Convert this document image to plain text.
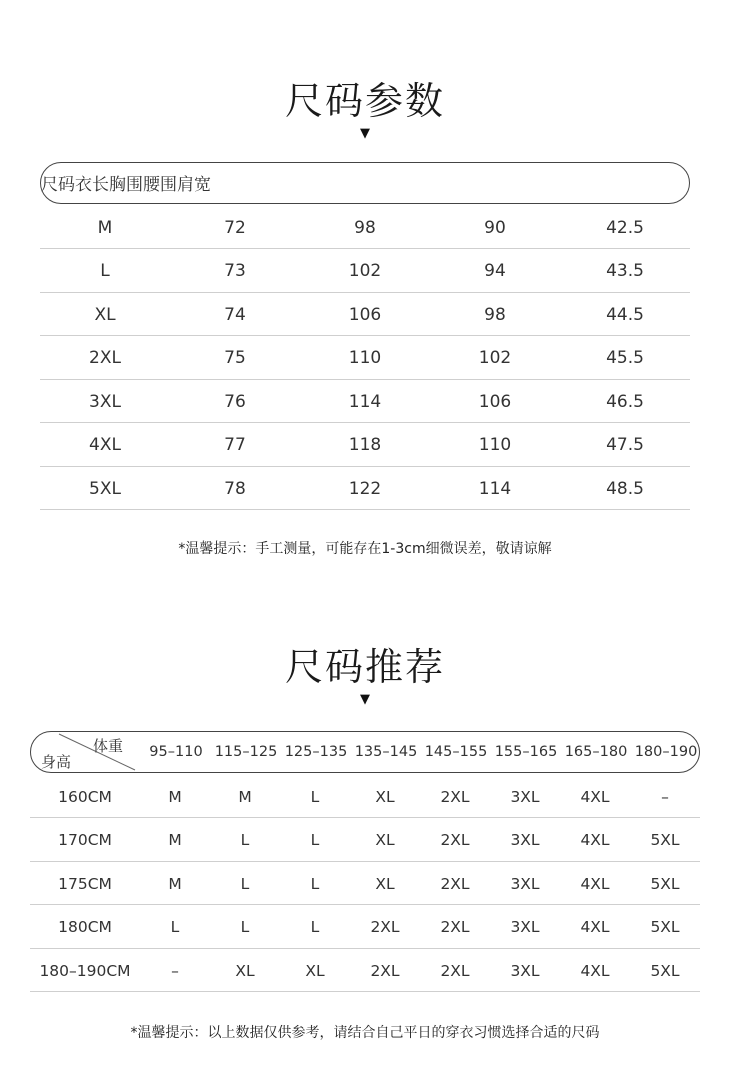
尺码参数
▼
尺码 衣长 胸围 腰围 肩宽
M	72	98	90	42.5
L	73	102	94	43.5
XL	74	106	98	44.5
2XL	75	110	102	45.5
3XL	76	114	106	46.5
4XL	77	118	110	47.5
5XL	78	122	114	48.5
*温馨提示：手工测量，可能存在1-3cm细微误差，敬请谅解
尺码推荐
▼
体重
身高
95–110 115–125 125–135 135–145 145–155 155–165 165–180 180–190
160CM	M	M	L	XL	2XL	3XL	4XL	–
170CM	M	L	L	XL	2XL	3XL	4XL	5XL
175CM	M	L	L	XL	2XL	3XL	4XL	5XL
180CM	L	L	L	2XL	2XL	3XL	4XL	5XL
180–190CM	–	XL	XL	2XL	2XL	3XL	4XL	5XL
*温馨提示：以上数据仅供参考，请结合自己平日的穿衣习惯选择合适的尺码
